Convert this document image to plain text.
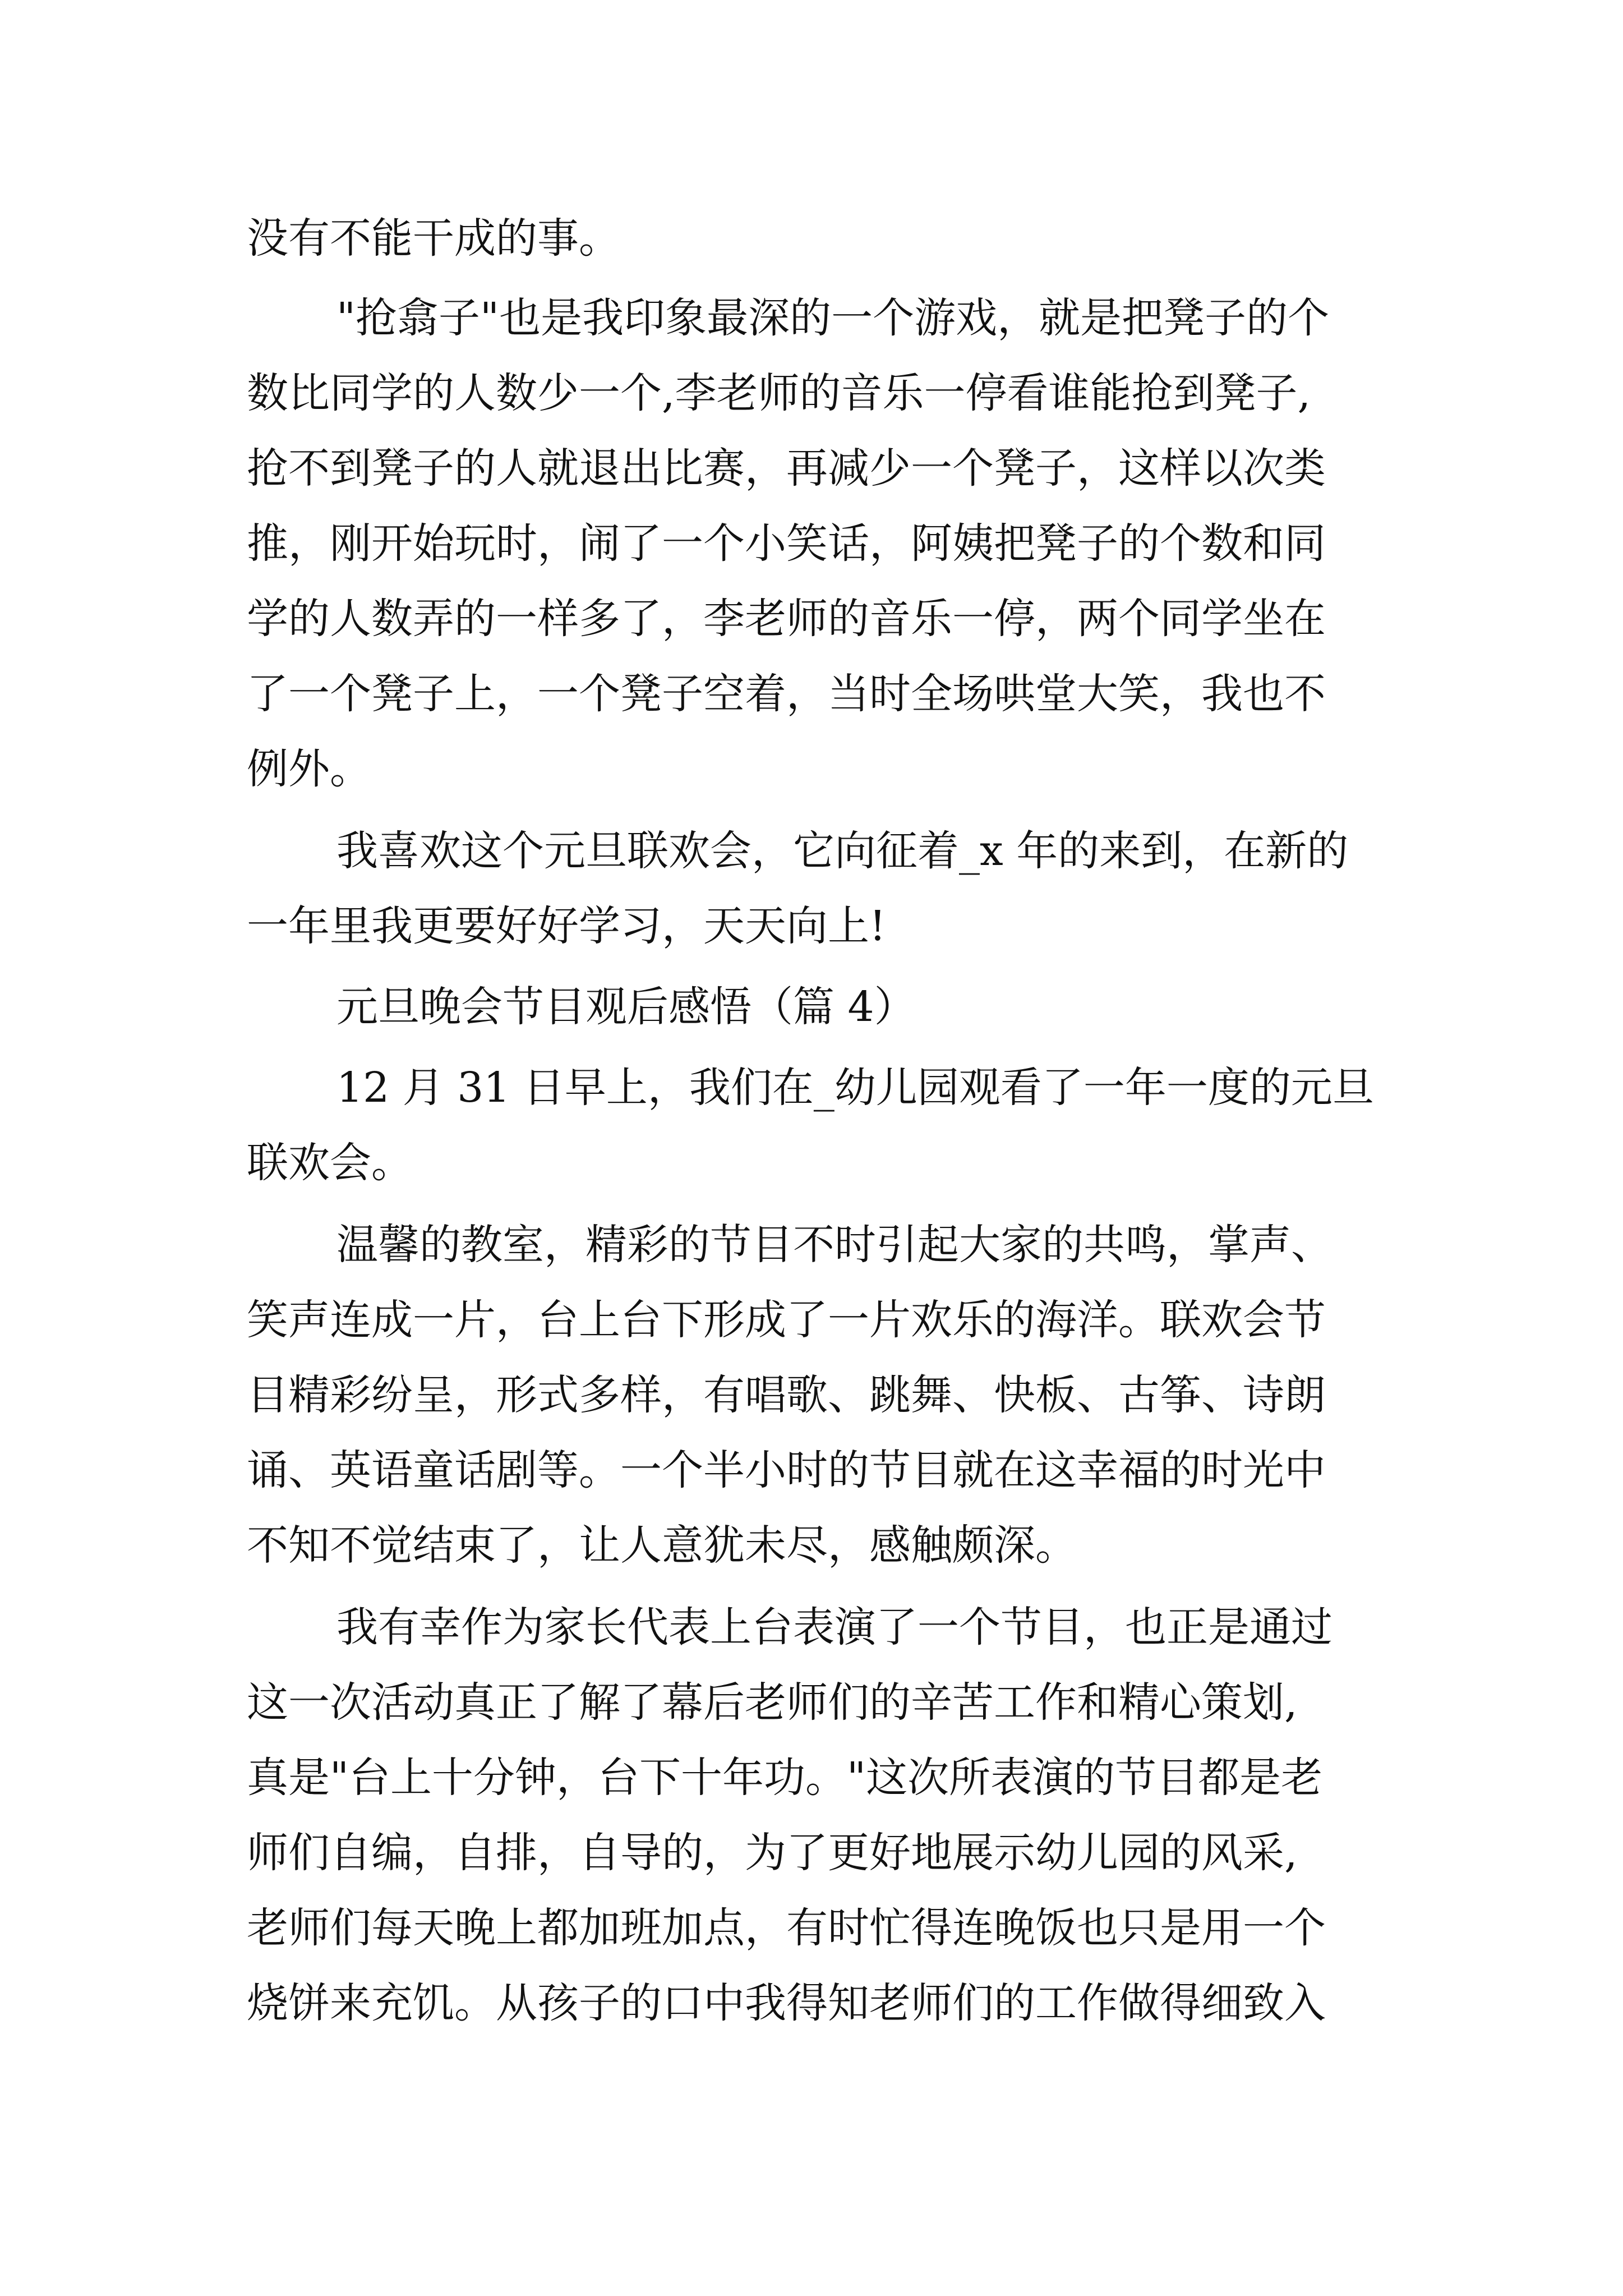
没有不能干成的事。
"抢翕子"也是我印象最深的一个游戏，就是把凳子的个
数比同学的人数少一个,李老师的音乐一停看谁能抢到凳子,
抢不到凳子的人就退出比赛，再减少一个凳子，这样以次类
推，刚开始玩时，闹了一个小笑话，阿姨把凳子的个数和同
学的人数弄的一样多了，李老师的音乐一停，两个同学坐在
了一个凳子上，一个凳子空着，当时全场哄堂大笑，我也不
例外。
我喜欢这个元旦联欢会，它向征着_x 年的来到，在新的
一年里我更要好好学习，天天向上!
元旦晚会节目观后感悟（篇 4）
12 月 31 日早上，我们在_幼儿园观看了一年一度的元旦
联欢会。
温馨的教室，精彩的节目不时引起大家的共鸣，掌声、
笑声连成一片，台上台下形成了一片欢乐的海洋。联欢会节
目精彩纷呈，形式多样，有唱歌、跳舞、快板、古筝、诗朗
诵、英语童话剧等。一个半小时的节目就在这幸福的时光中
不知不觉结束了，让人意犹未尽，感触颇深。
我有幸作为家长代表上台表演了一个节目，也正是通过
这一次活动真正了解了幕后老师们的辛苦工作和精心策划,
真是"台上十分钟，台下十年功。"这次所表演的节目都是老
师们自编，自排，自导的，为了更好地展示幼儿园的风采,
老师们每天晚上都加班加点，有时忙得连晚饭也只是用一个
烧饼来充饥。从孩子的口中我得知老师们的工作做得细致入
